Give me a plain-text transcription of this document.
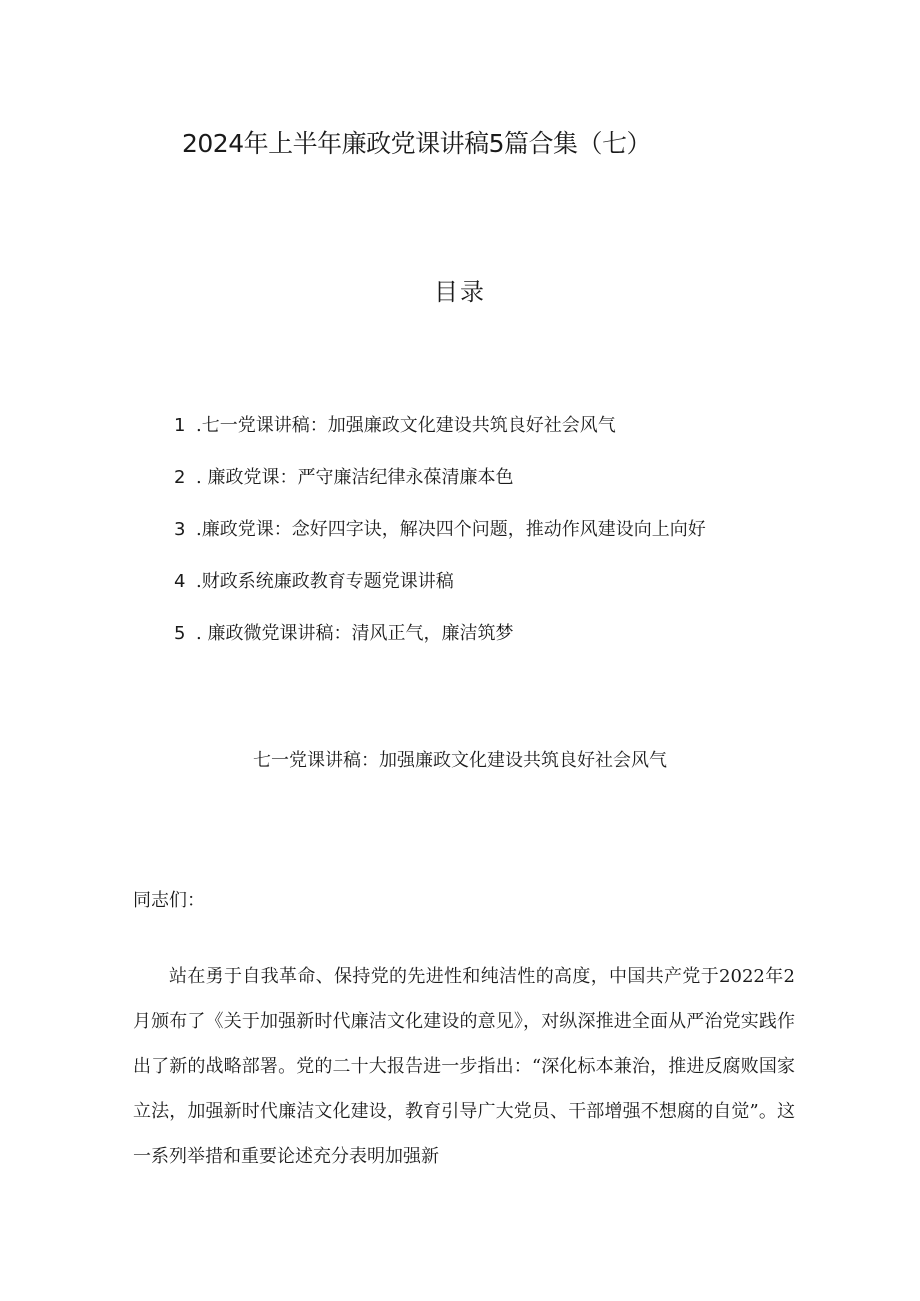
2024年上半年廉政党课讲稿5篇合集（七）
目录
1 .七一党课讲稿：加强廉政文化建设共筑良好社会风气
2 . 廉政党课：严守廉洁纪律永葆清廉本色
3 .廉政党课：念好四字诀，解决四个问题，推动作风建设向上向好
4 .财政系统廉政教育专题党课讲稿
5 . 廉政微党课讲稿：清风正气，廉洁筑梦
七一党课讲稿：加强廉政文化建设共筑良好社会风气
同志们：

站在勇于自我革命、保持党的先进性和纯洁性的高度，中国共产党于2022年2月颁布了《关于加强新时代廉洁文化建设的意见》，对纵深推进全面从严治党实践作出了新的战略部署。党的二十大报告进一步指出：“深化标本兼治，推进反腐败国家立法，加强新时代廉洁文化建设，教育引导广大党员、干部增强不想腐的自觉”。这一系列举措和重要论述充分表明加强新
